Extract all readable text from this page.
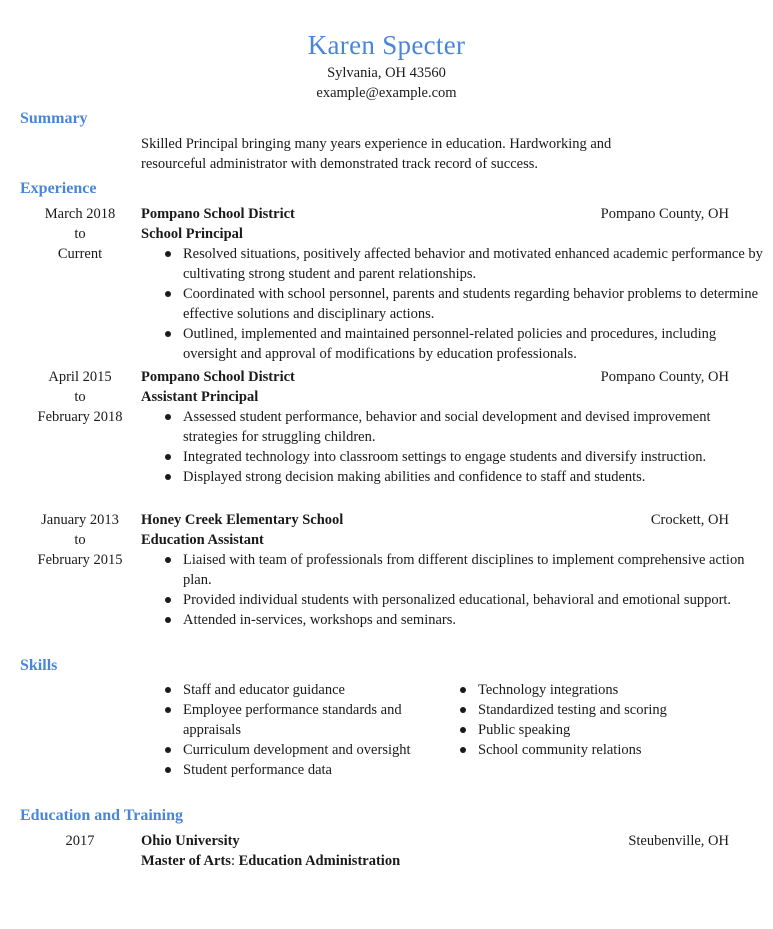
Karen Specter
Sylvania, OH 43560
example@example.com
Summary
Skilled Principal bringing many years experience in education. Hardworking and
resourceful administrator with demonstrated track record of success.
Experience
March 2018
to
Current
Pompano School District	Pompano County, OH
School Principal
Resolved situations, positively affected behavior and motivated enhanced academic performance by cultivating strong student and parent relationships.
Coordinated with school personnel, parents and students regarding behavior problems to determine effective solutions and disciplinary actions.
Outlined, implemented and maintained personnel-related policies and procedures, including oversight and approval of modifications by education professionals.
April 2015
to
February 2018
Pompano School District	Pompano County, OH
Assistant Principal
Assessed student performance, behavior and social development and devised improvement strategies for struggling children.
Integrated technology into classroom settings to engage students and diversify instruction.
Displayed strong decision making abilities and confidence to staff and students.
January 2013
to
February 2015
Honey Creek Elementary School	Crockett, OH
Education Assistant
Liaised with team of professionals from different disciplines to implement comprehensive action plan.
Provided individual students with personalized educational, behavioral and emotional support.
Attended in-services, workshops and seminars.
Skills
Staff and educator guidance
Employee performance standards and appraisals
Curriculum development and oversight
Student performance data
Technology integrations
Standardized testing and scoring
Public speaking
School community relations
Education and Training
2017	Ohio University	Steubenville, OH
Master of Arts: Education Administration
